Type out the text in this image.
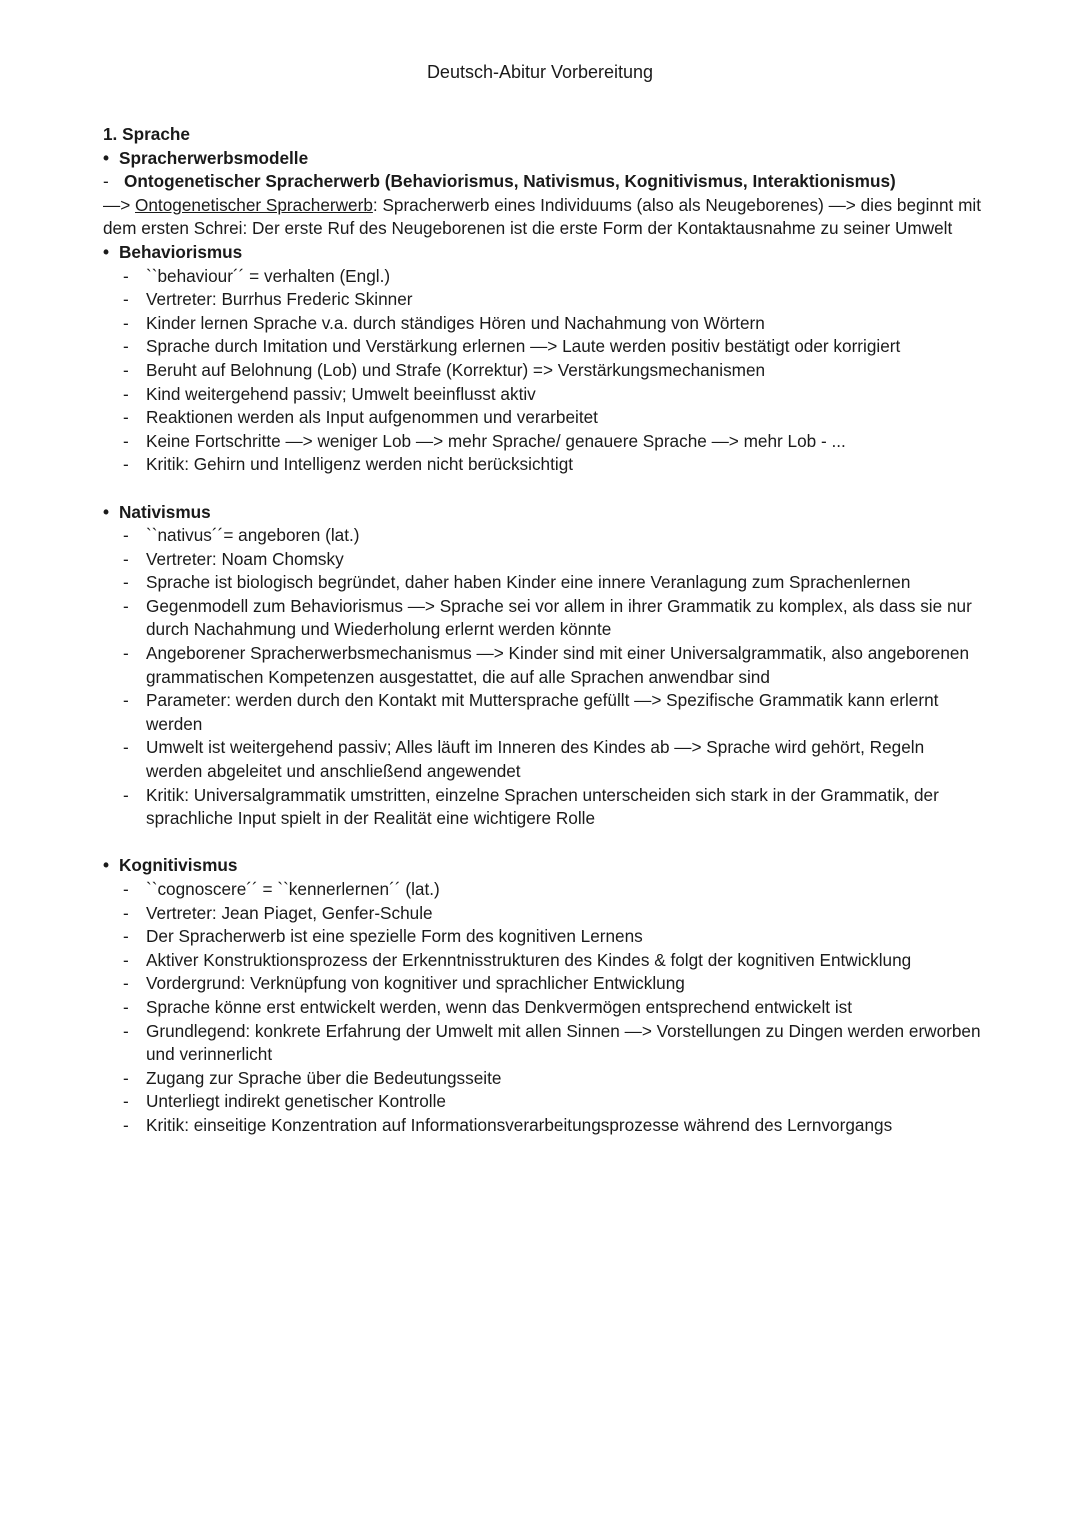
Deutsch-Abitur Vorbereitung
1. Sprache
• Spracherwerbsmodelle
- Ontogenetischer Spracherwerb (Behaviorismus, Nativismus, Kognitivismus, Interaktionismus)
—> Ontogenetischer Spracherwerb: Spracherwerb eines Individuums (also als Neugeborenes) —> dies beginnt mit dem ersten Schrei: Der erste Ruf des Neugeborenen ist die erste Form der Kontaktausnahme zu seiner Umwelt
• Behaviorismus
- ``behaviour´´ = verhalten (Engl.)
- Vertreter: Burrhus Frederic Skinner
- Kinder lernen Sprache v.a. durch ständiges Hören und Nachahmung von Wörtern
- Sprache durch Imitation und Verstärkung erlernen —> Laute werden positiv bestätigt oder korrigiert
- Beruht auf Belohnung (Lob) und Strafe (Korrektur) => Verstärkungsmechanismen
- Kind weitergehend passiv; Umwelt beeinflusst aktiv
- Reaktionen werden als Input aufgenommen und verarbeitet
- Keine Fortschritte —> weniger Lob —> mehr Sprache/ genauere Sprache —> mehr Lob - ...
- Kritik: Gehirn und Intelligenz werden nicht berücksichtigt
• Nativismus
- ``nativus´´= angeboren (lat.)
- Vertreter: Noam Chomsky
- Sprache ist biologisch begründet, daher haben Kinder eine innere Veranlagung zum Sprachenlernen
- Gegenmodell zum Behaviorismus —> Sprache sei vor allem in ihrer Grammatik zu komplex, als dass sie nur durch Nachahmung und Wiederholung erlernt werden könnte
- Angeborener Spracherwerbsmechanismus —> Kinder sind mit einer Universalgrammatik, also angeborenen grammatischen Kompetenzen ausgestattet, die auf alle Sprachen anwendbar sind
- Parameter: werden durch den Kontakt mit Muttersprache gefüllt —> Spezifische Grammatik kann erlernt werden
- Umwelt ist weitergehend passiv; Alles läuft im Inneren des Kindes ab —> Sprache wird gehört, Regeln werden abgeleitet und anschließend angewendet
- Kritik: Universalgrammatik umstritten, einzelne Sprachen unterscheiden sich stark in der Grammatik, der sprachliche Input spielt in der Realität eine wichtigere Rolle
• Kognitivismus
- ``cognoscere´´ = ``kennerlernen´´ (lat.)
- Vertreter: Jean Piaget, Genfer-Schule
- Der Spracherwerb ist eine spezielle Form des kognitiven Lernens
- Aktiver Konstruktionsprozess der Erkenntnisstrukturen des Kindes & folgt der kognitiven Entwicklung
- Vordergrund: Verknüpfung von kognitiver und sprachlicher Entwicklung
- Sprache könne erst entwickelt werden, wenn das Denkvermögen entsprechend entwickelt ist
- Grundlegend: konkrete Erfahrung der Umwelt mit allen Sinnen —> Vorstellungen zu Dingen werden erworben und verinnerlicht
- Zugang zur Sprache über die Bedeutungsseite
- Unterliegt indirekt genetischer Kontrolle
- Kritik: einseitige Konzentration auf Informationsverarbeitungsprozesse während des Lernvorgangs
